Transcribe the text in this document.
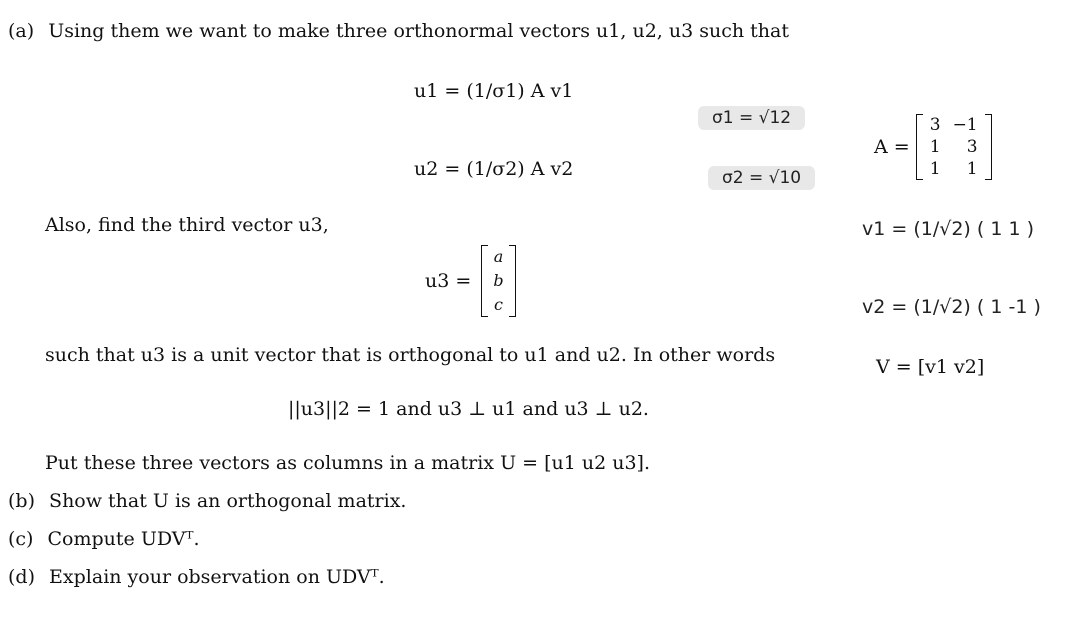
(a) Using them we want to make three orthonormal vectors u1, u2, u3 such that
u1 = (1/σ1) A v1
u2 = (1/σ2) A v2
σ1 = √12
σ2 = √10
A =
3	−1
1	3
1	1
Also, find the third vector u3,	v1 = (1/√2) ( 1 1 )
u3 =
a
b
c	v2 = (1/√2) ( 1 -1 )
such that u3 is a unit vector that is orthogonal to u1 and u2. In other words
V = [v1 v2]
||u3||2 = 1 and u3 ⊥ u1 and u3 ⊥ u2.
Put these three vectors as columns in a matrix U = [u1 u2 u3].
(b) Show that U is an orthogonal matrix.
(c) Compute UDVᵀ.
(d) Explain your observation on UDVᵀ.
